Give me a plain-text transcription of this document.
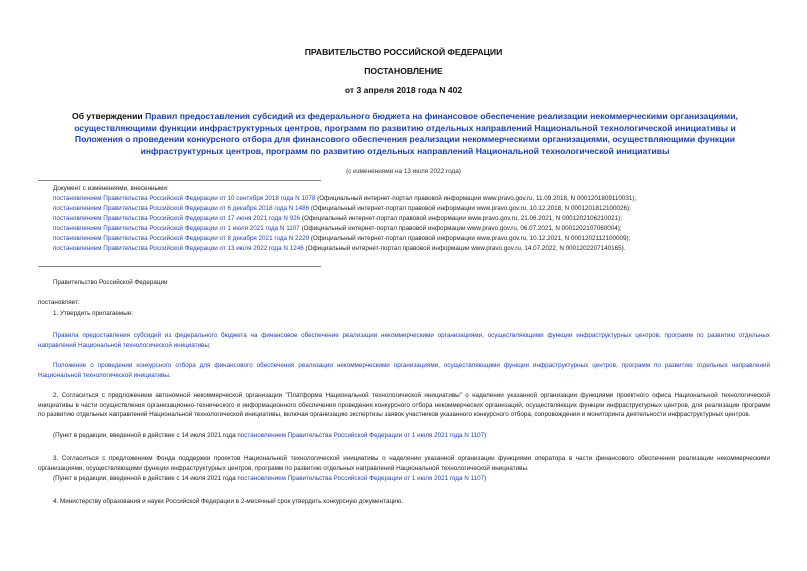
ПРАВИТЕЛЬСТВО РОССИЙСКОЙ ФЕДЕРАЦИИ
ПОСТАНОВЛЕНИЕ
от 3 апреля 2018 года N 402
Об утверждении Правил предоставления субсидий из федерального бюджета на финансовое обеспечение реализации некоммерческими организациями, осуществляющими функции инфраструктурных центров, программ по развитию отдельных направлений Национальной технологической инициативы и Положения о проведении конкурсного отбора для финансового обеспечения реализации некоммерческими организациями, осуществляющими функции инфраструктурных центров, программ по развитию отдельных направлений Национальной технологической инициативы
(с изменениями на 13 июля 2022 года)
Документ с изменениями, внесенными:
постановлением Правительства Российской Федерации от 10 сентября 2018 года N 1078 (Официальный интернет-портал правовой информации www.pravo.gov.ru, 11.09.2018, N 0001201809110031);
постановлением Правительства Российской Федерации от 6 декабря 2018 года N 1486 (Официальный интернет-портал правовой информации www.pravo.gov.ru, 10.12.2018, N 0001201812100026);
постановлением Правительства Российской Федерации от 17 июня 2021 года N 926 (Официальный интернет-портал правовой информации www.pravo.gov.ru, 21.06.2021, N 0001202106210021);
постановлением Правительства Российской Федерации от 1 июля 2021 года N 1107 (Официальный интернет-портал правовой информации www.pravo.gov.ru, 06.07.2021, N 0001202107060004);
постановлением Правительства Российской Федерации от 8 декабря 2021 года N 2229 (Официальный интернет-портал правовой информации www.pravo.gov.ru, 10.12.2021, N 0001202112100009);
постановлением Правительства Российской Федерации от 13 июля 2022 года N 1246 (Официальный интернет-портал правовой информации www.pravo.gov.ru, 14.07.2022, N 0001202207140165).
Правительство Российской Федерации
постановляет:
1. Утвердить прилагаемые:
Правила предоставления субсидий из федерального бюджета на финансовое обеспечение реализации некоммерческими организациями, осуществляющими функции инфраструктурных центров, программ по развитию отдельных направлений Национальной технологической инициативы;
Положение о проведении конкурсного отбора для финансового обеспечения реализации некоммерческими организациями, осуществляющими функции инфраструктурных центров, программ по развитию отдельных направлений Национальной технологической инициативы.
2. Согласиться с предложением автономной некоммерческой организации "Платформа Национальной технологической инициативы" о наделении указанной организации функциями проектного офиса Национальной технологической инициативы в части осуществления организационно-технического и информационного обеспечения проведения конкурсного отбора некоммерческих организаций, осуществляющих функции инфраструктурных центров, для реализации программ по развитию отдельных направлений Национальной технологической инициативы, включая организацию экспертизы заявок участников указанного конкурсного отбора, сопровождения и мониторинга деятельности инфраструктурных центров.
(Пункт в редакции, введенной в действие с 14 июля 2021 года постановлением Правительства Российской Федерации от 1 июля 2021 года N 1107)
3. Согласиться с предложением Фонда поддержки проектов Национальной технологической инициативы о наделении указанной организации функциями оператора в части финансового обеспечения реализации некоммерческими организациями, осуществляющими функции инфраструктурных центров, программ по развитию отдельных направлений Национальной технологической инициативы.
(Пункт в редакции, введенной в действие с 14 июля 2021 года постановлением Правительства Российской Федерации от 1 июля 2021 года N 1107)
4. Министерству образования и науки Российской Федерации в 2-месячный срок утвердить конкурсную документацию.
